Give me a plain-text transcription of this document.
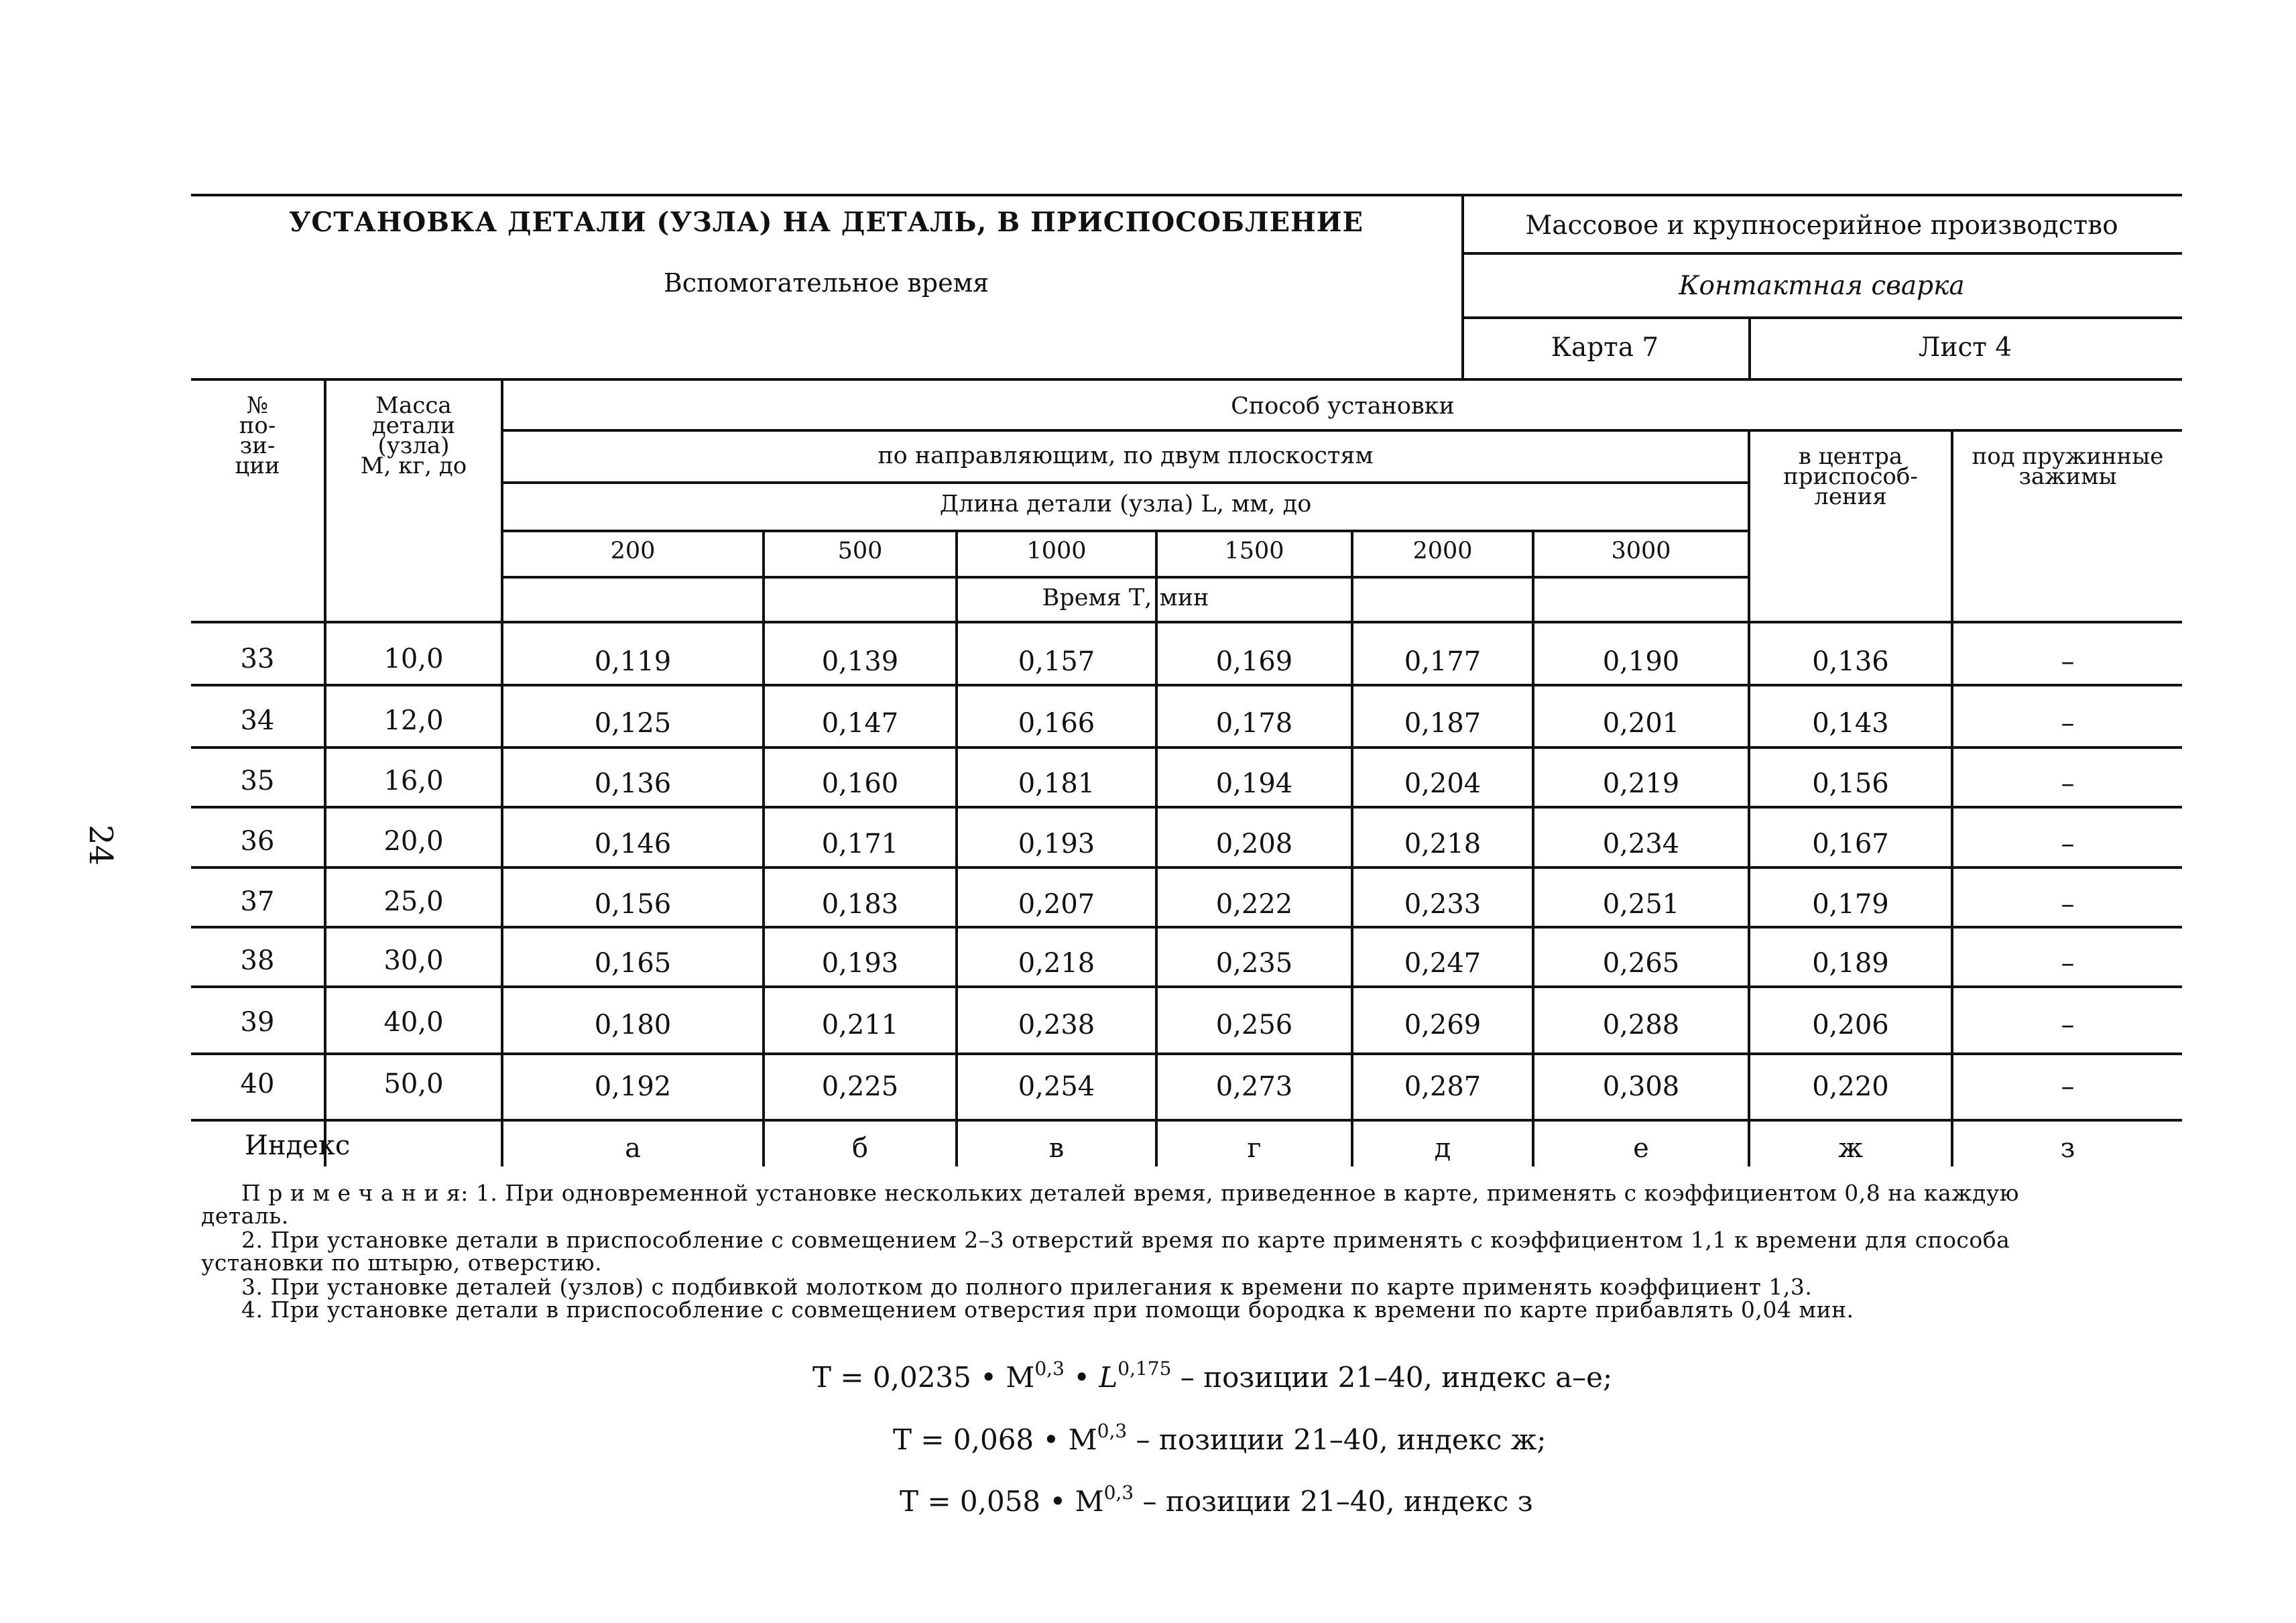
24
УСТАНОВКА ДЕТАЛИ (УЗЛА) НА ДЕТАЛЬ, В ПРИСПОСОБЛЕНИЕ
Вспомогательное время
Массовое и крупносерийное производство
Контактная сварка
Карта 7	Лист 4
№
по-
зи-
ции
Масса
детали
(узла)
М, кг, до
Способ установки
по направляющим, по двум плоскостям
Длина детали (узла) L, мм, до
200	500	1000	1500	2000	3000
Время Т, мин
в центра
приспособ-
ления
под пружинные
зажимы
33	10,0	0,119	0,139	0,157	0,169	0,177	0,190	0,136	–
34	12,0	0,125	0,147	0,166	0,178	0,187	0,201	0,143	–
35	16,0	0,136	0,160	0,181	0,194	0,204	0,219	0,156	–
36	20,0	0,146	0,171	0,193	0,208	0,218	0,234	0,167	–
37	25,0	0,156	0,183	0,207	0,222	0,233	0,251	0,179	–
38	30,0	0,165	0,193	0,218	0,235	0,247	0,265	0,189	–
39	40,0	0,180	0,211	0,238	0,256	0,269	0,288	0,206	–
40	50,0	0,192	0,225	0,254	0,273	0,287	0,308	0,220	–
Индекс	а	б	в	г	д	е	ж	з
П р и м е ч а н и я: 1. При одновременной установке нескольких деталей время, приведенное в карте, применять с коэффициентом 0,8 на каждую
деталь.
2. При установке детали в приспособление с совмещением 2–3 отверстий время по карте применять с коэффициентом 1,1 к времени для способа
установки по штырю, отверстию.
3. При установке деталей (узлов) с подбивкой молотком до полного прилегания к времени по карте применять коэффициент 1,3.
4. При установке детали в приспособление с совмещением отверстия при помощи бородка к времени по карте прибавлять 0,04 мин.
Т = 0,0235 • М$^{0,3}$ • L$^{0,175}$ – позиции 21–40, индекс а–е;
Т = 0,068 • М$^{0,3}$ – позиции 21–40, индекс ж;
Т = 0,058 • М$^{0,3}$ – позиции 21–40, индекс з
